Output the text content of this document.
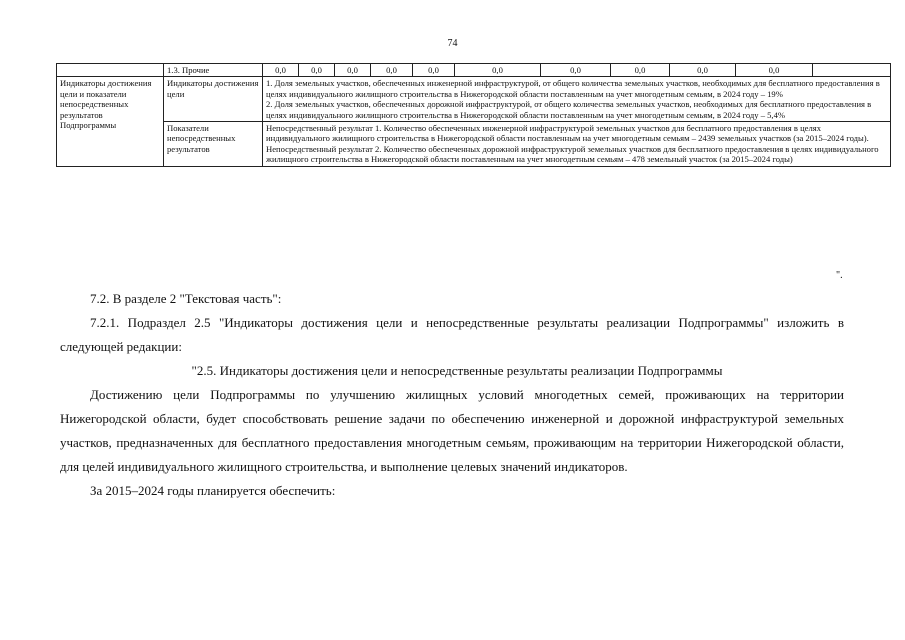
74
	1.3. Прочие	0,0	0,0	0,0	0,0	0,0	0,0	0,0	0,0	0,0	0,0	
Индикаторы достижения цели и показатели непосредственных результатов Подпрограммы	Индикаторы достижения цели	1. Доля земельных участков, обеспеченных инженерной инфраструктурой, от общего количества земельных участков, необходимых для бесплатного предоставления в целях индивидуального жилищного строительства в Нижегородской области поставленным на учет многодетным семьям, в 2024 году – 19%
2. Доля земельных участков, обеспеченных дорожной инфраструктурой, от общего количества земельных участков, необходимых для бесплатного предоставления в целях индивидуального жилищного строительства в Нижегородской области поставленным на учет многодетным семьям, в 2024 году – 5,4%										

	Показатели непосредственных результатов	Непосредственный результат 1. Количество обеспеченных инженерной инфраструктурой земельных участков для бесплатного предоставления в целях индивидуального жилищного строительства в Нижегородской области поставленным на учет многодетным семьям – 2439 земельных участков (за 2015–2024 годы).
Непосредственный результат 2. Количество обеспеченных дорожной инфраструктурой земельных участков для бесплатного предоставления в целях индивидуального жилищного строительства в Нижегородской области поставленным на учет многодетным семьям – 478 земельный участок (за 2015–2024 годы)										
".

7.2. В разделе 2 "Текстовая часть":

7.2.1. Подраздел 2.5 "Индикаторы достижения цели и непосредственные результаты реализации Подпрограммы" изложить в следующей редакции:

"2.5. Индикаторы достижения цели и непосредственные результаты реализации Подпрограммы

Достижению цели Подпрограммы по улучшению жилищных условий многодетных семей, проживающих на территории Нижегородской области, будет способствовать решение задачи по обеспечению инженерной и дорожной инфраструктурой земельных участков, предназначенных для бесплатного предоставления многодетным семьям, проживающим на территории Нижегородской области, для целей индивидуального жилищного строительства, и выполнение целевых значений индикаторов.

За 2015–2024 годы планируется обеспечить:
